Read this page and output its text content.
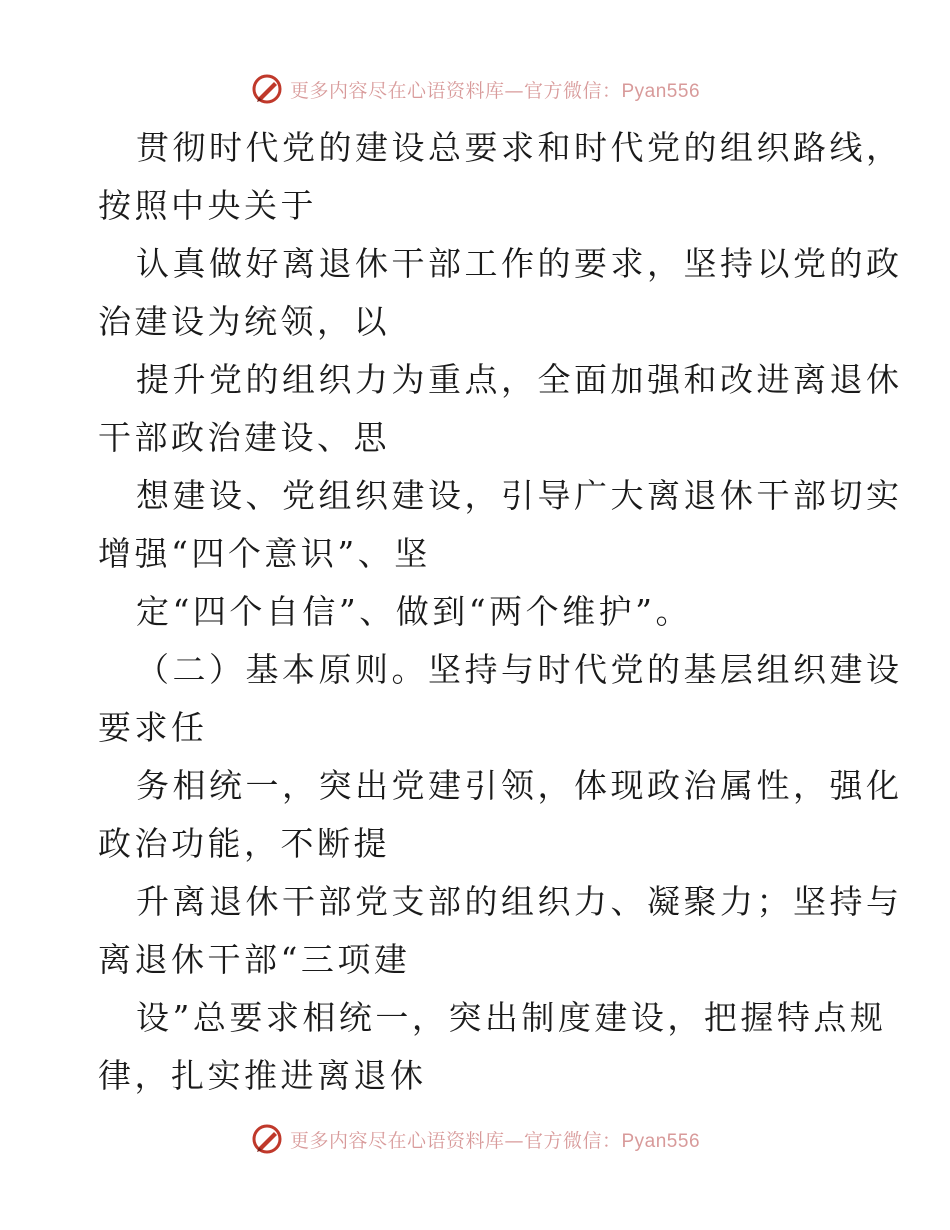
更多内容尽在心语资料库—官方微信：Pyan556
贯彻时代党的建设总要求和时代党的组织路线，
按照中央关于
认真做好离退休干部工作的要求，坚持以党的政
治建设为统领，以
提升党的组织力为重点，全面加强和改进离退休
干部政治建设、思
想建设、党组织建设，引导广大离退休干部切实
增强“四个意识”、坚
定“四个自信”、做到“两个维护”。
（二）基本原则。坚持与时代党的基层组织建设
要求任
务相统一，突出党建引领，体现政治属性，强化
政治功能，不断提
升离退休干部党支部的组织力、凝聚力；坚持与
离退休干部“三项建
设”总要求相统一，突出制度建设，把握特点规
律，扎实推进离退休
更多内容尽在心语资料库—官方微信：Pyan556
